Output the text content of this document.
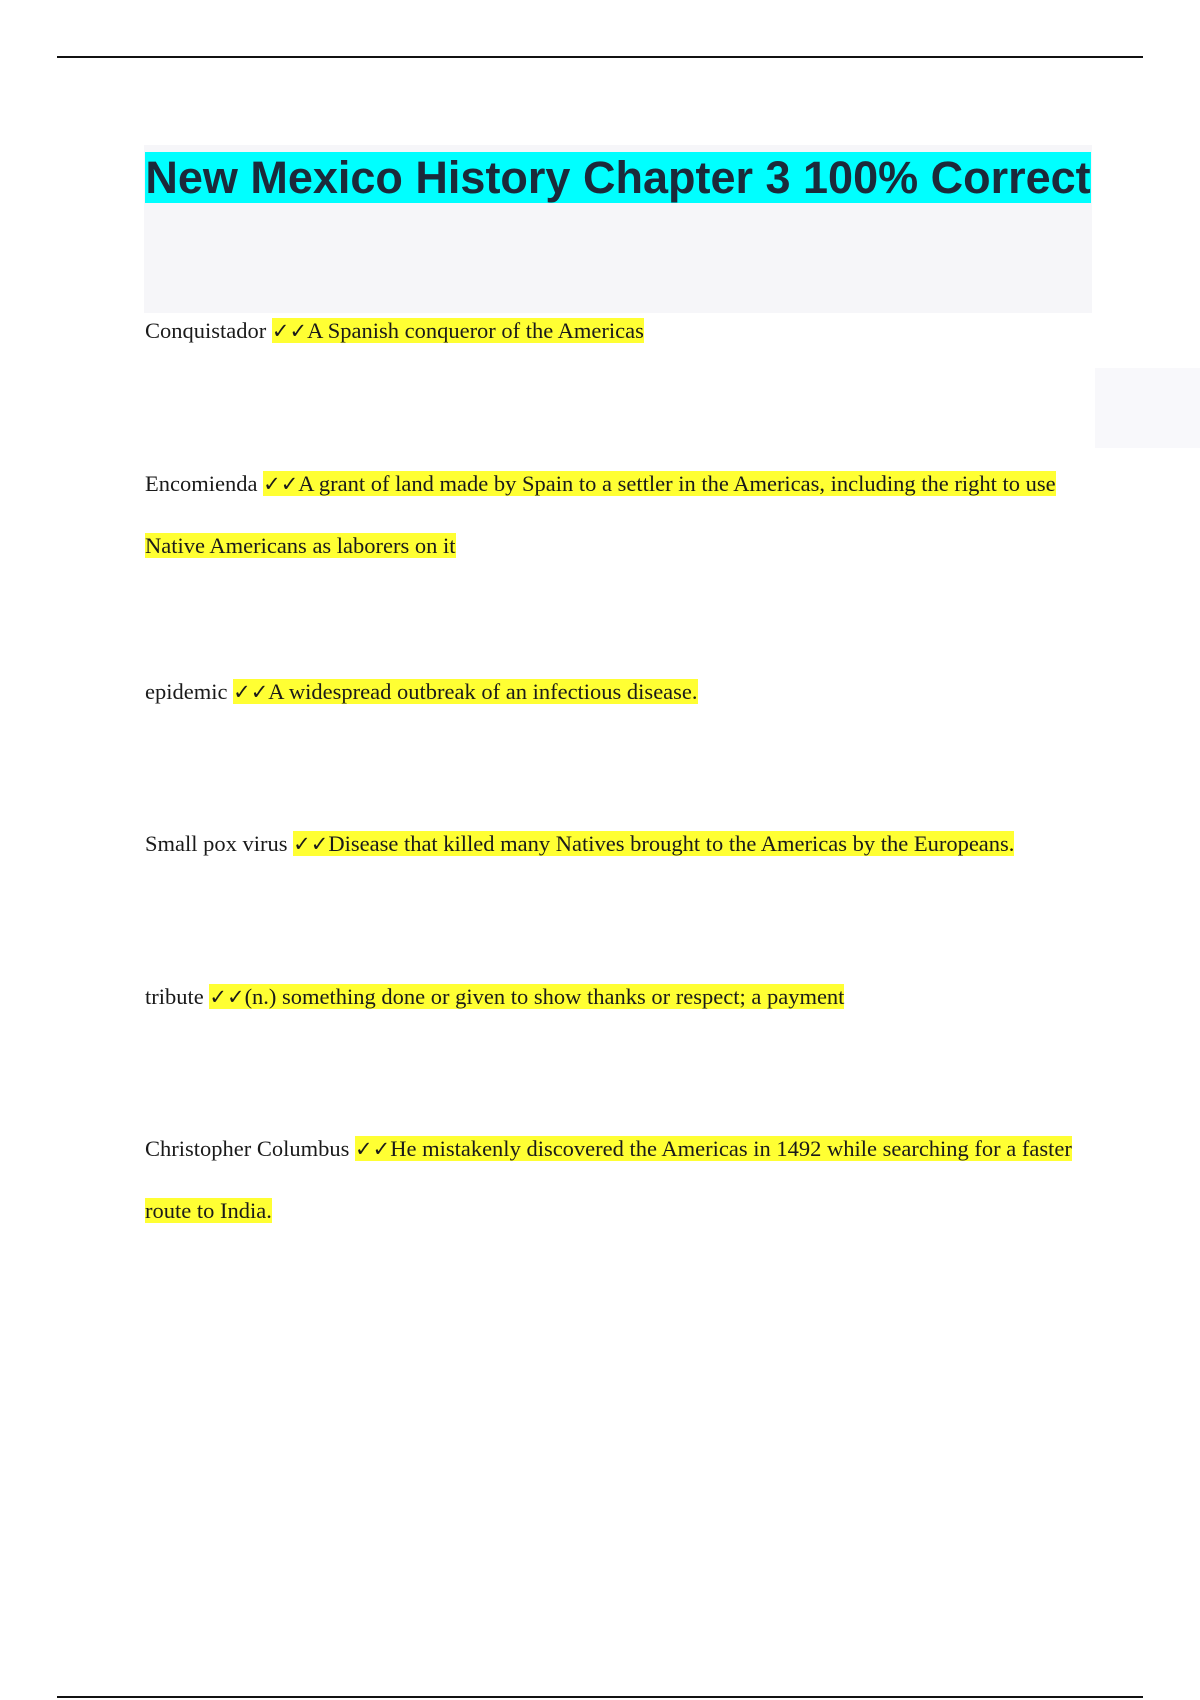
New Mexico History Chapter 3 100% Correct

Conquistador ✓✓A Spanish conqueror of the Americas

Encomienda ✓✓A grant of land made by Spain to a settler in the Americas, including the right to use Native Americans as laborers on it

epidemic ✓✓A widespread outbreak of an infectious disease.

Small pox virus ✓✓Disease that killed many Natives brought to the Americas by the Europeans.

tribute ✓✓(n.) something done or given to show thanks or respect; a payment

Christopher Columbus ✓✓He mistakenly discovered the Americas in 1492 while searching for a faster route to India.
